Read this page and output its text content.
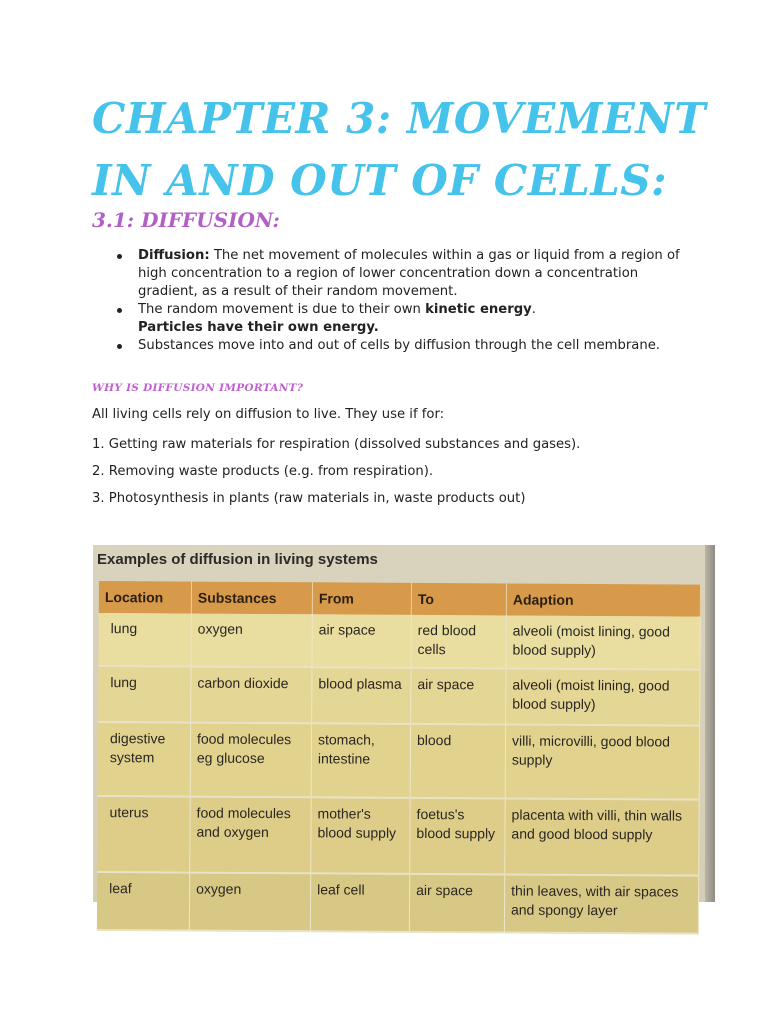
CHAPTER 3: MOVEMENT IN AND OUT OF CELLS:
3.1: DIFFUSION:
Diffusion: The net movement of molecules within a gas or liquid from a region of high concentration to a region of lower concentration down a concentration gradient, as a result of their random movement.
The random movement is due to their own kinetic energy.
Particles have their own energy.
Substances move into and out of cells by diffusion through the cell membrane.
WHY IS DIFFUSION IMPORTANT?

All living cells rely on diffusion to live. They use if for:

1. Getting raw materials for respiration (dissolved substances and gases).

2. Removing waste products (e.g. from respiration).

3. Photosynthesis in plants (raw materials in, waste products out)

Examples of diffusion in living systems
Location	Substances	From	To	Adaption
lung	oxygen	air space	red blood cells	alveoli (moist lining, good blood supply)
lung	carbon dioxide	blood plasma	air space	alveoli (moist lining, good blood supply)
digestive system	food molecules eg glucose	stomach, intestine	blood	villi, microvilli, good blood supply
uterus	food molecules and oxygen	mother's blood supply	foetus's blood supply	placenta with villi, thin walls and good blood supply
leaf	oxygen	leaf cell	air space	thin leaves, with air spaces and spongy layer
